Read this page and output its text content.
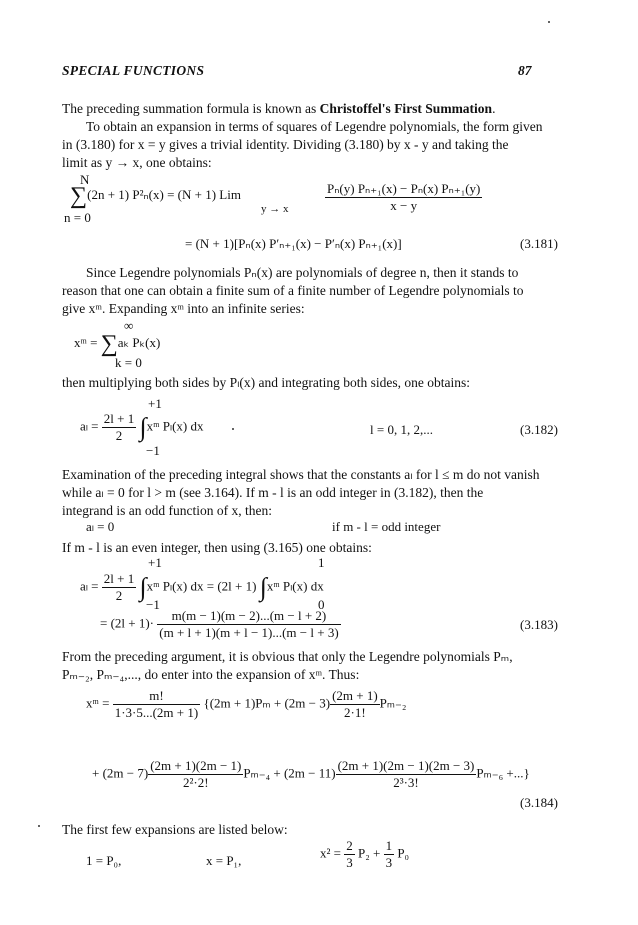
SPECIAL FUNCTIONS	87
The preceding summation formula is known as Christoffel's First Summation.
To obtain an expansion in terms of squares of Legendre polynomials, the form given
in (3.180) for x = y gives a trivial identity. Dividing (3.180) by x - y and taking the
limit as y → x, one obtains:
N
∑(2n + 1) P²ₙ(x) = (N + 1) Lim
y → x
n = 0
$\frac{\text{Pₙ(y) Pₙ₊₁(x) − Pₙ(x) Pₙ₊₁(y)}}{x - y}$
= (N + 1)[Pₙ(x) P′ₙ₊₁(x) − P′ₙ(x) Pₙ₊₁(x)]	(3.181)
Since Legendre polynomials Pₙ(x) are polynomials of degree n, then it stands to
reason that one can obtain a finite sum of a finite number of Legendre polynomials to
give xᵐ. Expanding xᵐ into an infinite series:
∞
xᵐ = ∑aₖ Pₖ(x)
k = 0
then multiplying both sides by Pₗ(x) and integrating both sides, one obtains:
+1
$a_l = \frac{2l + 1}{2}$ ∫xᵐ Pₗ(x) dx
−1
l = 0, 1, 2,...	(3.182)
Examination of the preceding integral shows that the constants aₗ for l ≤ m do not vanish
while aₗ = 0 for l > m (see 3.164). If m - l is an odd integer in (3.182), then the
integrand is an odd function of x, then:
aₗ = 0	if m - l = odd integer
If m - l is an even integer, then using (3.165) one obtains:
+1	1
$a_l = \frac{2l + 1}{2}$ ∫xᵐ Pₗ(x) dx = (2l + 1) ∫xᵐ Pₗ(x) dx
−1	0
= $(2l + 1)\cdot \frac{m(m - 1)(m - 2)...(m - l + 2)}{(m + l + 1)(m + l - 1)...(m - l + 3)}$	(3.183)
From the preceding argument, it is obvious that only the Legendre polynomials Pₘ,
Pₘ₋₂, Pₘ₋₄,..., do enter into the expansion of xᵐ. Thus:
xᵐ = $\frac{m!}{1\cdot 3\cdot 5...(2m + 1)} \{(2m + 1)P_m + (2m - 3) \frac{(2m + 1)}{2\cdot 1!} P_{m-2}$
+ $(2m - 7) \frac{(2m + 1)(2m - 1)}{\text{2²·2!}} P_{m-4} + (2m - 11) \frac{(2m + 1)(2m - 1)(2m - 3)}{\text{2³·3!}} P_{m-6}$ +...}
(3.184)
The first few expansions are listed below:
1 = P₀,	x = P₁,
$x^2 = \frac{2}{3} P_2 + \frac{1}{3} P_0$
